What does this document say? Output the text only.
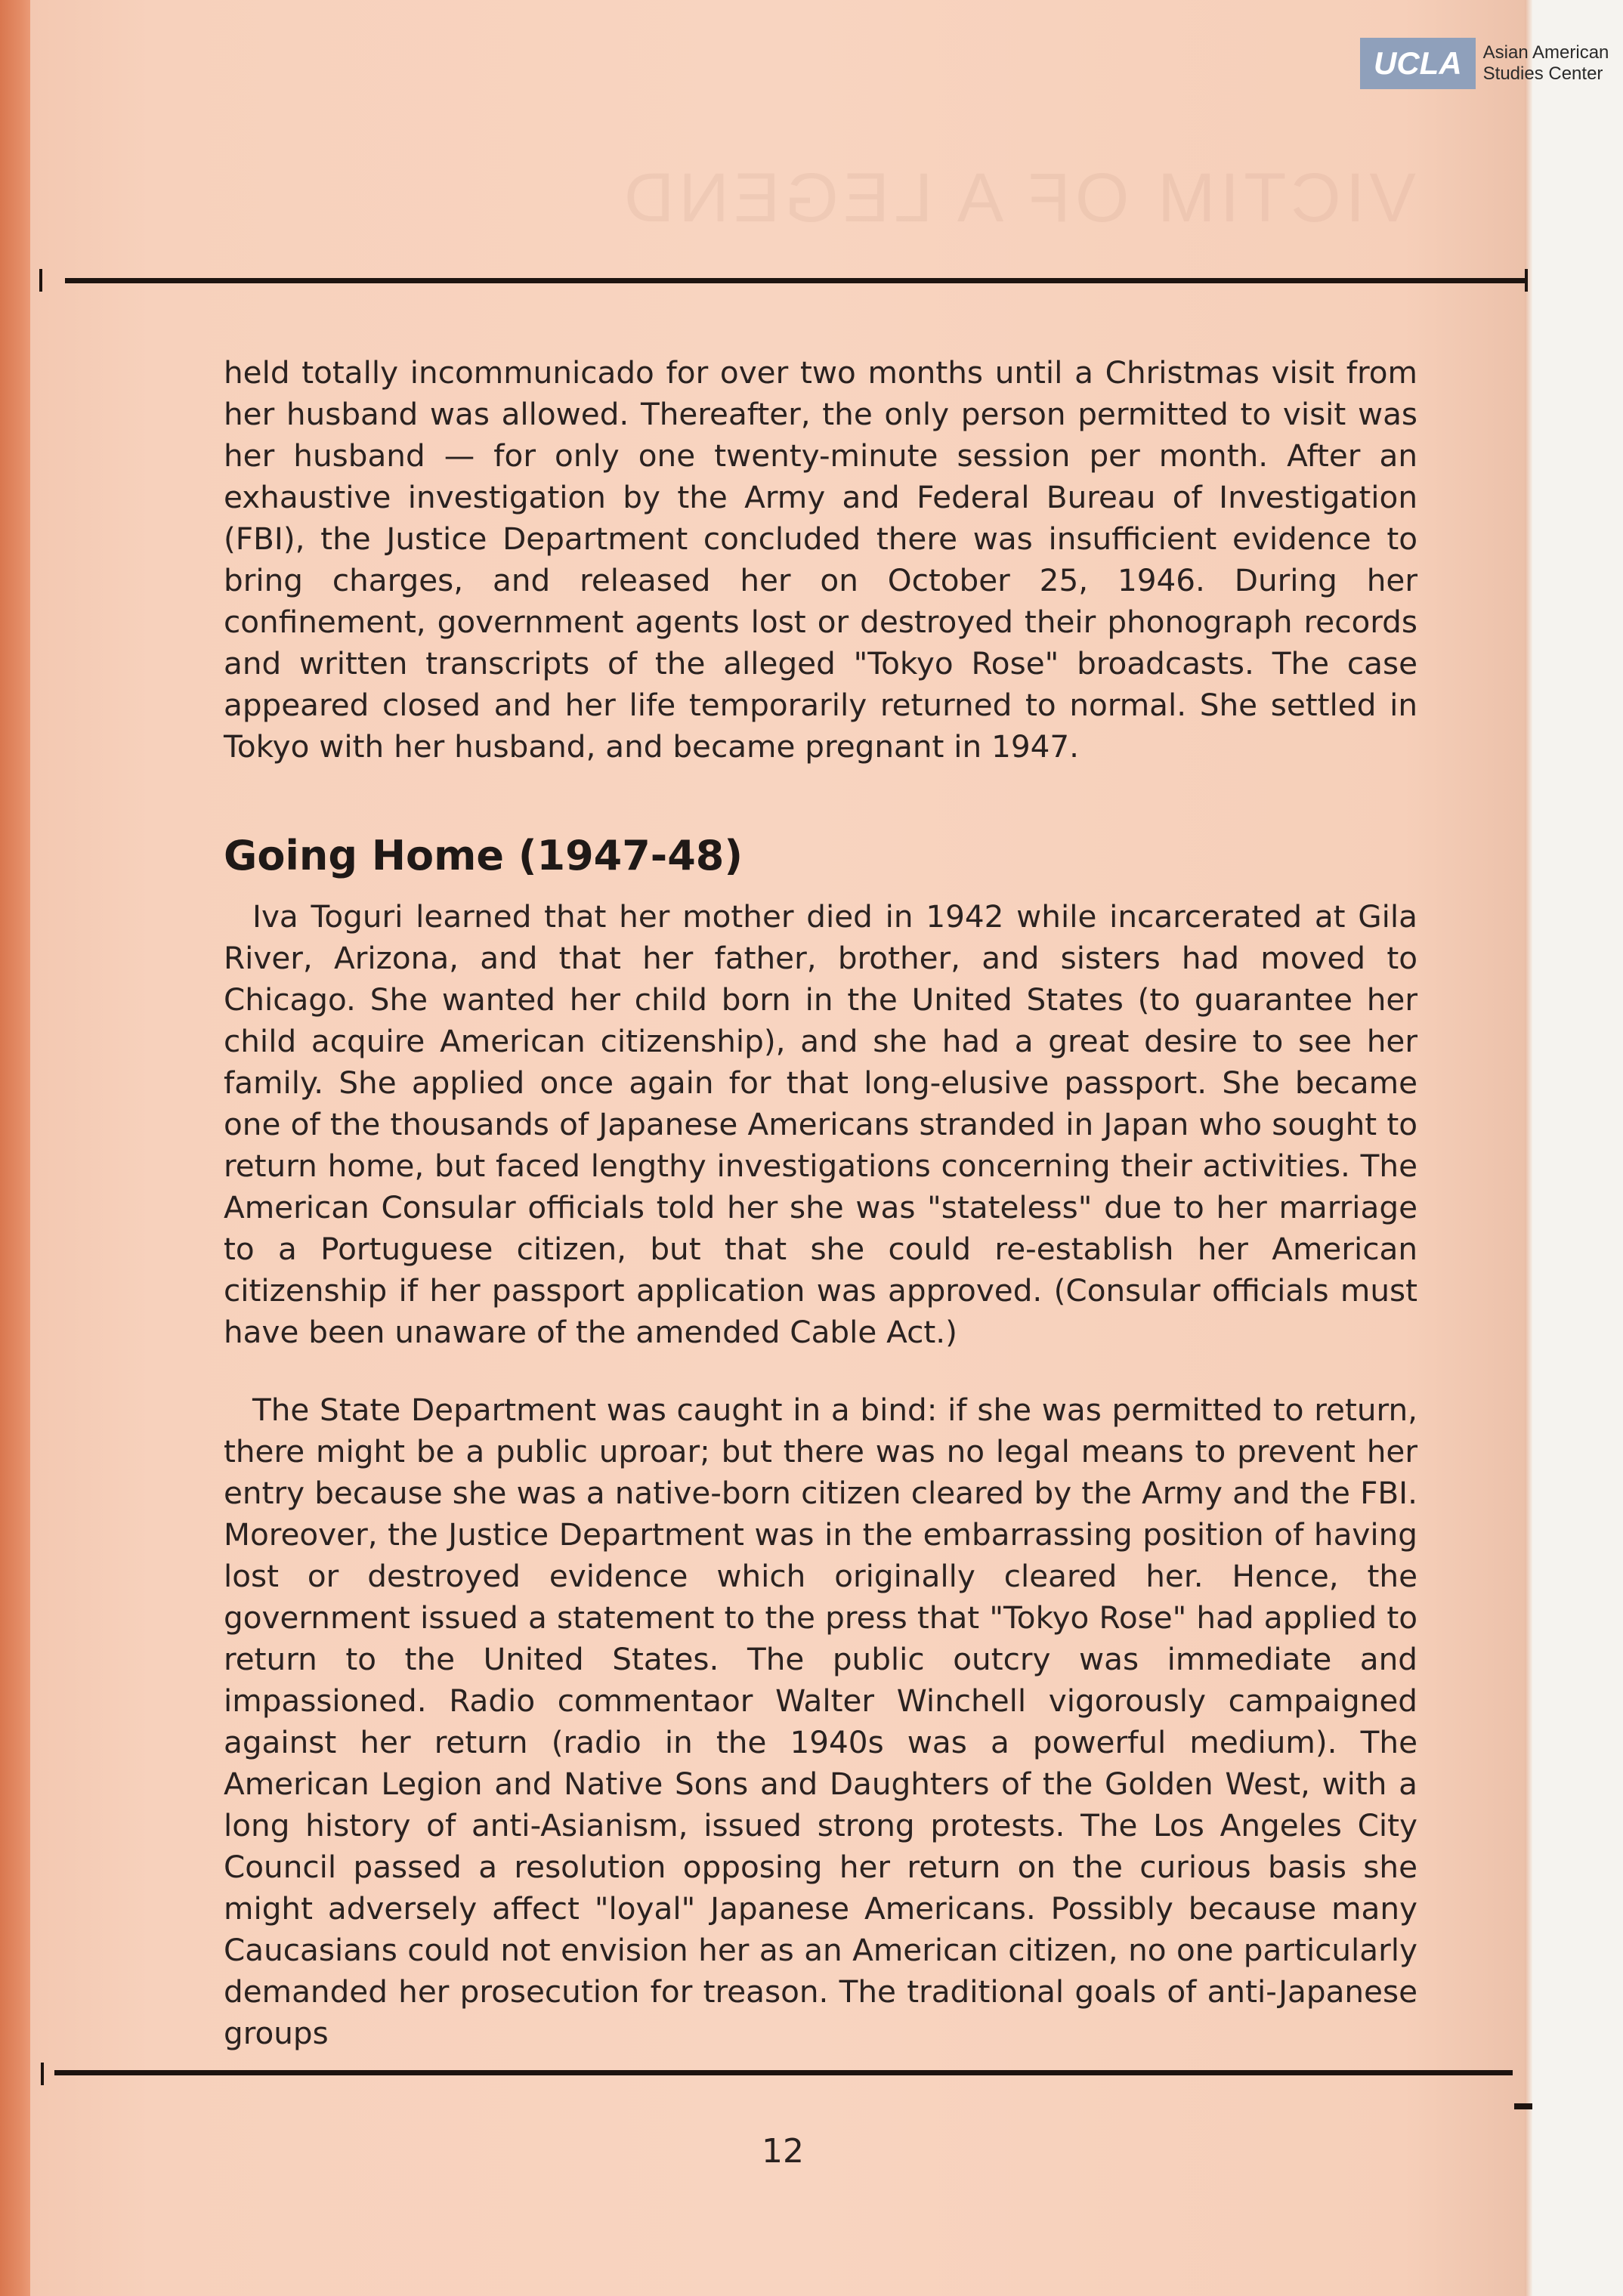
VICTIM OF A LEGEND
UCLA	Asian American
Studies Center

held totally incommunicado for over two months until a Christmas visit from her husband was allowed. Thereafter, the only person permitted to visit was her husband — for only one twenty-minute session per month. After an exhaustive investigation by the Army and Federal Bureau of Investigation (FBI), the Justice Department concluded there was insufficient evidence to bring charges, and released her on October 25, 1946. During her confinement, government agents lost or destroyed their phonograph records and written transcripts of the alleged "Tokyo Rose" broadcasts. The case appeared closed and her life temporarily returned to normal. She settled in Tokyo with her husband, and became pregnant in 1947.

Going Home (1947-48)

Iva Toguri learned that her mother died in 1942 while incarcerated at Gila River, Arizona, and that her father, brother, and sisters had moved to Chicago. She wanted her child born in the United States (to guarantee her child acquire American citizenship), and she had a great desire to see her family. She applied once again for that long-elusive passport. She became one of the thousands of Japanese Americans stranded in Japan who sought to return home, but faced lengthy investigations concerning their activities. The American Consular officials told her she was "stateless" due to her marriage to a Portuguese citizen, but that she could re-establish her American citizenship if her passport application was approved. (Consular officials must have been unaware of the amended Cable Act.)

The State Department was caught in a bind: if she was permitted to return, there might be a public uproar; but there was no legal means to prevent her entry because she was a native-born citizen cleared by the Army and the FBI. Moreover, the Justice Department was in the embarrassing position of having lost or destroyed evidence which originally cleared her. Hence, the government issued a statement to the press that "Tokyo Rose" had applied to return to the United States. The public outcry was immediate and impassioned. Radio commentaor Walter Winchell vigorously campaigned against her return (radio in the 1940s was a powerful medium). The American Legion and Native Sons and Daughters of the Golden West, with a long history of anti-Asianism, issued strong protests. The Los Angeles City Council passed a resolution opposing her return on the curious basis she might adversely affect "loyal" Japanese Americans. Possibly because many Caucasians could not envision her as an American citizen, no one particularly demanded her prosecution for treason. The traditional goals of anti-Japanese groups

12
